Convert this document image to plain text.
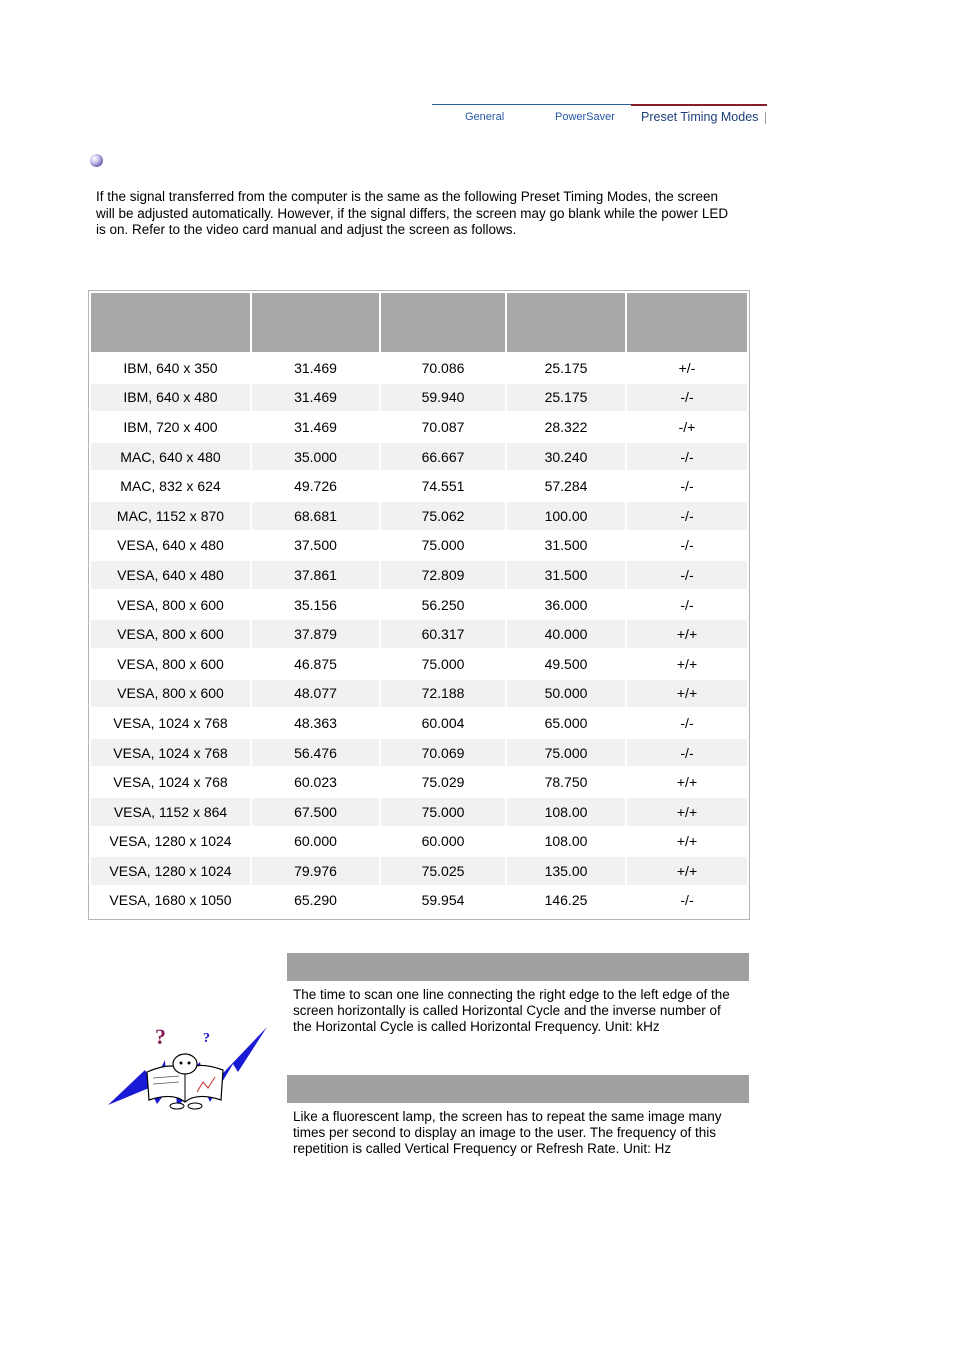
General	PowerSaver Preset Timing Modes
If the signal transferred from the computer is the same as the following Preset Timing Modes, the screen will be adjusted automatically. However, if the signal differs, the screen may go blank while the power LED is on. Refer to the video card manual and adjust the screen as follows.

IBM, 640 x 350	31.469	70.086	25.175	+/-
IBM, 640 x 480	31.469	59.940	25.175	-/-
IBM, 720 x 400	31.469	70.087	28.322	-/+
MAC, 640 x 480	35.000	66.667	30.240	-/-
MAC, 832 x 624	49.726	74.551	57.284	-/-
MAC, 1152 x 870	68.681	75.062	100.00	-/-
VESA, 640 x 480	37.500	75.000	31.500	-/-
VESA, 640 x 480	37.861	72.809	31.500	-/-
VESA, 800 x 600	35.156	56.250	36.000	-/-
VESA, 800 x 600	37.879	60.317	40.000	+/+
VESA, 800 x 600	46.875	75.000	49.500	+/+
VESA, 800 x 600	48.077	72.188	50.000	+/+
VESA, 1024 x 768	48.363	60.004	65.000	-/-
VESA, 1024 x 768	56.476	70.069	75.000	-/-
VESA, 1024 x 768	60.023	75.029	78.750	+/+
VESA, 1152 x 864	67.500	75.000	108.00	+/+
VESA, 1280 x 1024	60.000	60.000	108.00	+/+
VESA, 1280 x 1024	79.976	75.025	135.00	+/+
VESA, 1680 x 1050	65.290	59.954	146.25	-/-
The time to scan one line connecting the right edge to the left edge of the screen horizontally is called Horizontal Cycle and the inverse number of the Horizontal Cycle is called Horizontal Frequency. Unit: kHz
Like a fluorescent lamp, the screen has to repeat the same image many times per second to display an image to the user. The frequency of this repetition is called Vertical Frequency or Refresh Rate. Unit: Hz
?	?
